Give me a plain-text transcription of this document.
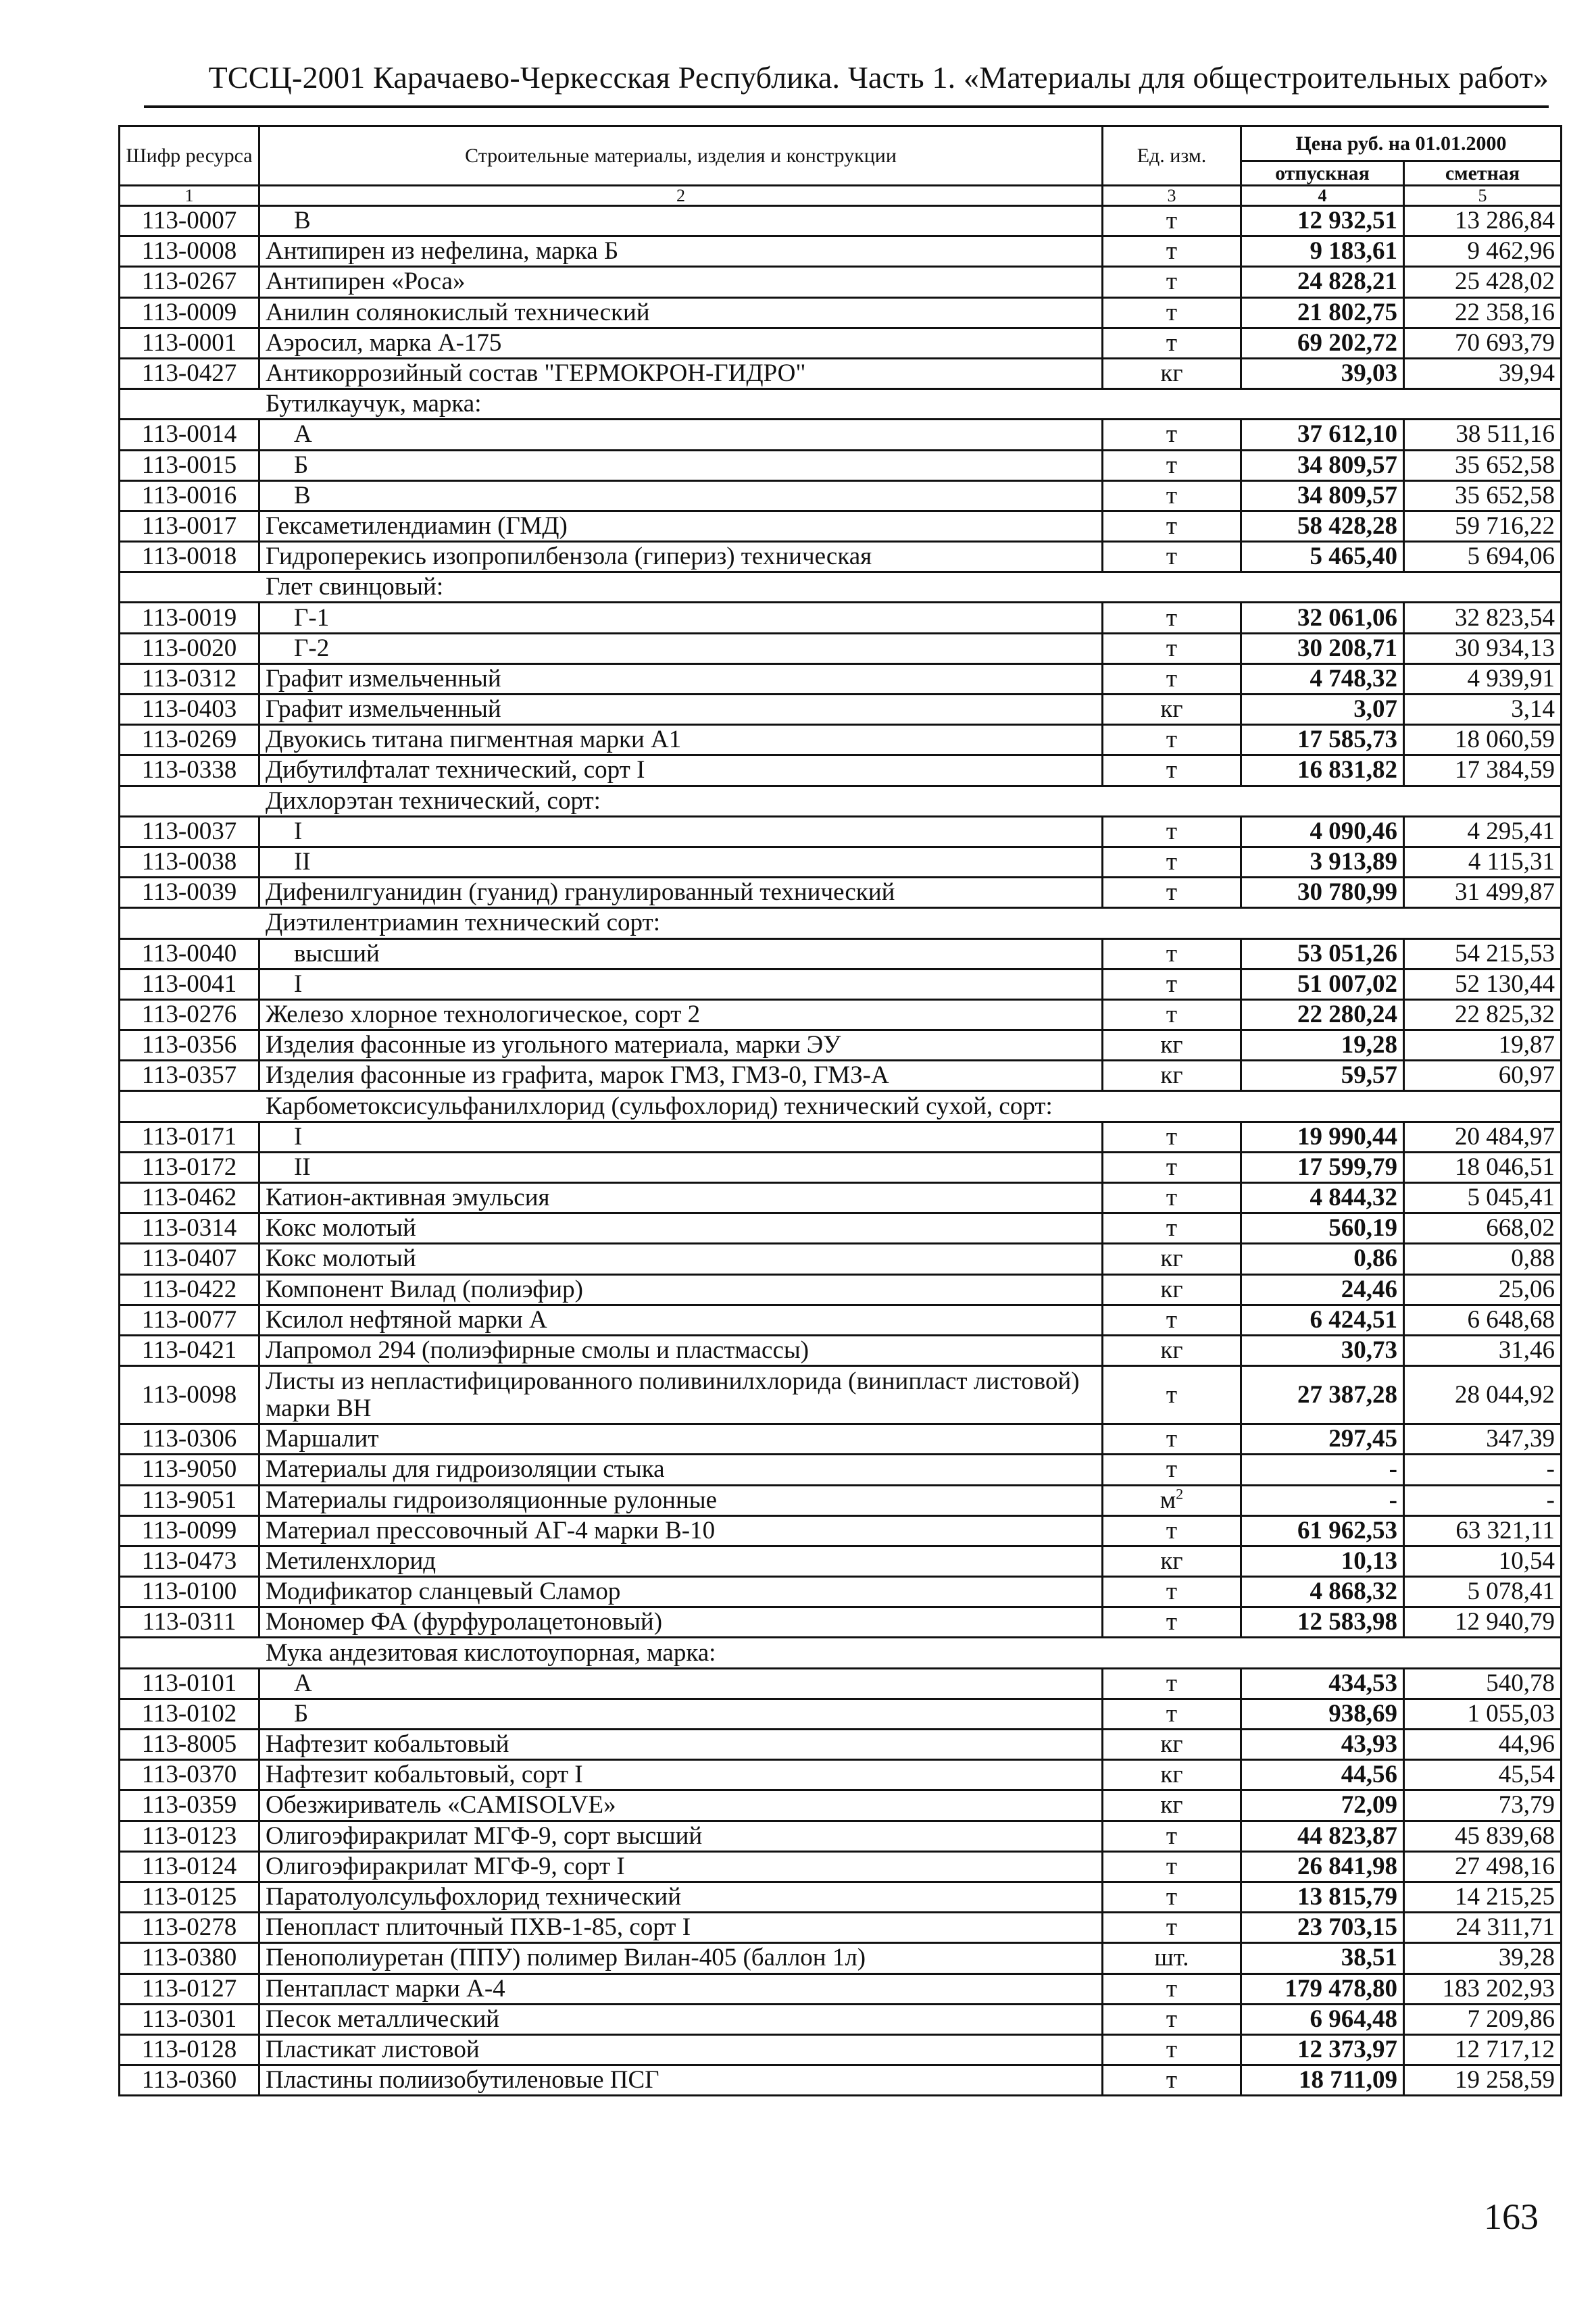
ТССЦ-2001 Карачаево-Черкесская Республика. Часть 1. «Материалы для общестроительных работ»
Шифр ресурса	Строительные материалы, изделия и конструкции	Ед. изм.	Цена руб. на 01.01.2000	
			отпускная	сметная
1	2	3	4	5
113-0007	В	т	12 932,51	13 286,84
113-0008	Антипирен из нефелина, марка Б	т	9 183,61	9 462,96
113-0267	Антипирен «Роса»	т	24 828,21	25 428,02
113-0009	Анилин солянокислый технический	т	21 802,75	22 358,16
113-0001	Аэросил, марка А-175	т	69 202,72	70 693,79
113-0427	Антикоррозийный состав "ГЕРМОКРОН-ГИДРО"	кг	39,03	39,94
Бутилкаучук, марка:				
113-0014	А	т	37 612,10	38 511,16
113-0015	Б	т	34 809,57	35 652,58
113-0016	В	т	34 809,57	35 652,58
113-0017	Гексаметилендиамин (ГМД)	т	58 428,28	59 716,22
113-0018	Гидроперекись изопропилбензола (гипериз) техническая	т	5 465,40	5 694,06
Глет свинцовый:				
113-0019	Г-1	т	32 061,06	32 823,54
113-0020	Г-2	т	30 208,71	30 934,13
113-0312	Графит измельченный	т	4 748,32	4 939,91
113-0403	Графит измельченный	кг	3,07	3,14
113-0269	Двуокись титана пигментная марки А1	т	17 585,73	18 060,59
113-0338	Дибутилфталат технический, сорт I	т	16 831,82	17 384,59
Дихлорэтан технический, сорт:				
113-0037	I	т	4 090,46	4 295,41
113-0038	II	т	3 913,89	4 115,31
113-0039	Дифенилгуанидин (гуанид) гранулированный технический	т	30 780,99	31 499,87
Диэтилентриамин технический сорт:				
113-0040	высший	т	53 051,26	54 215,53
113-0041	I	т	51 007,02	52 130,44
113-0276	Железо хлорное технологическое, сорт 2	т	22 280,24	22 825,32
113-0356	Изделия фасонные из угольного материала, марки ЭУ	кг	19,28	19,87
113-0357	Изделия фасонные из графита, марок ГМЗ, ГМЗ-0, ГМЗ-А	кг	59,57	60,97
Карбометоксисульфанилхлорид (сульфохлорид) технический сухой, сорт:				
113-0171	I	т	19 990,44	20 484,97
113-0172	II	т	17 599,79	18 046,51
113-0462	Катион-активная эмульсия	т	4 844,32	5 045,41
113-0314	Кокс молотый	т	560,19	668,02
113-0407	Кокс молотый	кг	0,86	0,88
113-0422	Компонент Вилад (полиэфир)	кг	24,46	25,06
113-0077	Ксилол нефтяной марки А	т	6 424,51	6 648,68
113-0421	Лапромол 294 (полиэфирные смолы и пластмассы)	кг	30,73	31,46
113-0098	Листы из непластифицированного поливинилхлорида (винипласт листовой) марки ВН	т	27 387,28	28 044,92
113-0306	Маршалит	т	297,45	347,39
113-9050	Материалы для гидроизоляции стыка	т	-	-
113-9051	Материалы гидроизоляционные рулонные	$м^2$	-	-
113-0099	Материал прессовочный АГ-4 марки В-10	т	61 962,53	63 321,11
113-0473	Метиленхлорид	кг	10,13	10,54
113-0100	Модификатор сланцевый Сламор	т	4 868,32	5 078,41
113-0311	Мономер ФА (фурфуролацетоновый)	т	12 583,98	12 940,79
Мука андезитовая кислотоупорная, марка:				
113-0101	А	т	434,53	540,78
113-0102	Б	т	938,69	1 055,03
113-8005	Нафтезит кобальтовый	кг	43,93	44,96
113-0370	Нафтезит кобальтовый, сорт I	кг	44,56	45,54
113-0359	Обезжириватель «CAMISOLVE»	кг	72,09	73,79
113-0123	Олигоэфиракрилат МГФ-9, сорт высший	т	44 823,87	45 839,68
113-0124	Олигоэфиракрилат МГФ-9, сорт I	т	26 841,98	27 498,16
113-0125	Паратолуолсульфохлорид технический	т	13 815,79	14 215,25
113-0278	Пенопласт плиточный ПХВ-1-85, сорт I	т	23 703,15	24 311,71
113-0380	Пенополиуретан (ППУ) полимер Вилан-405 (баллон 1л)	шт.	38,51	39,28
113-0127	Пентапласт марки А-4	т	179 478,80	183 202,93
113-0301	Песок металлический	т	6 964,48	7 209,86
113-0128	Пластикат листовой	т	12 373,97	12 717,12
113-0360	Пластины полиизобутиленовые ПСГ	т	18 711,09	19 258,59
163
